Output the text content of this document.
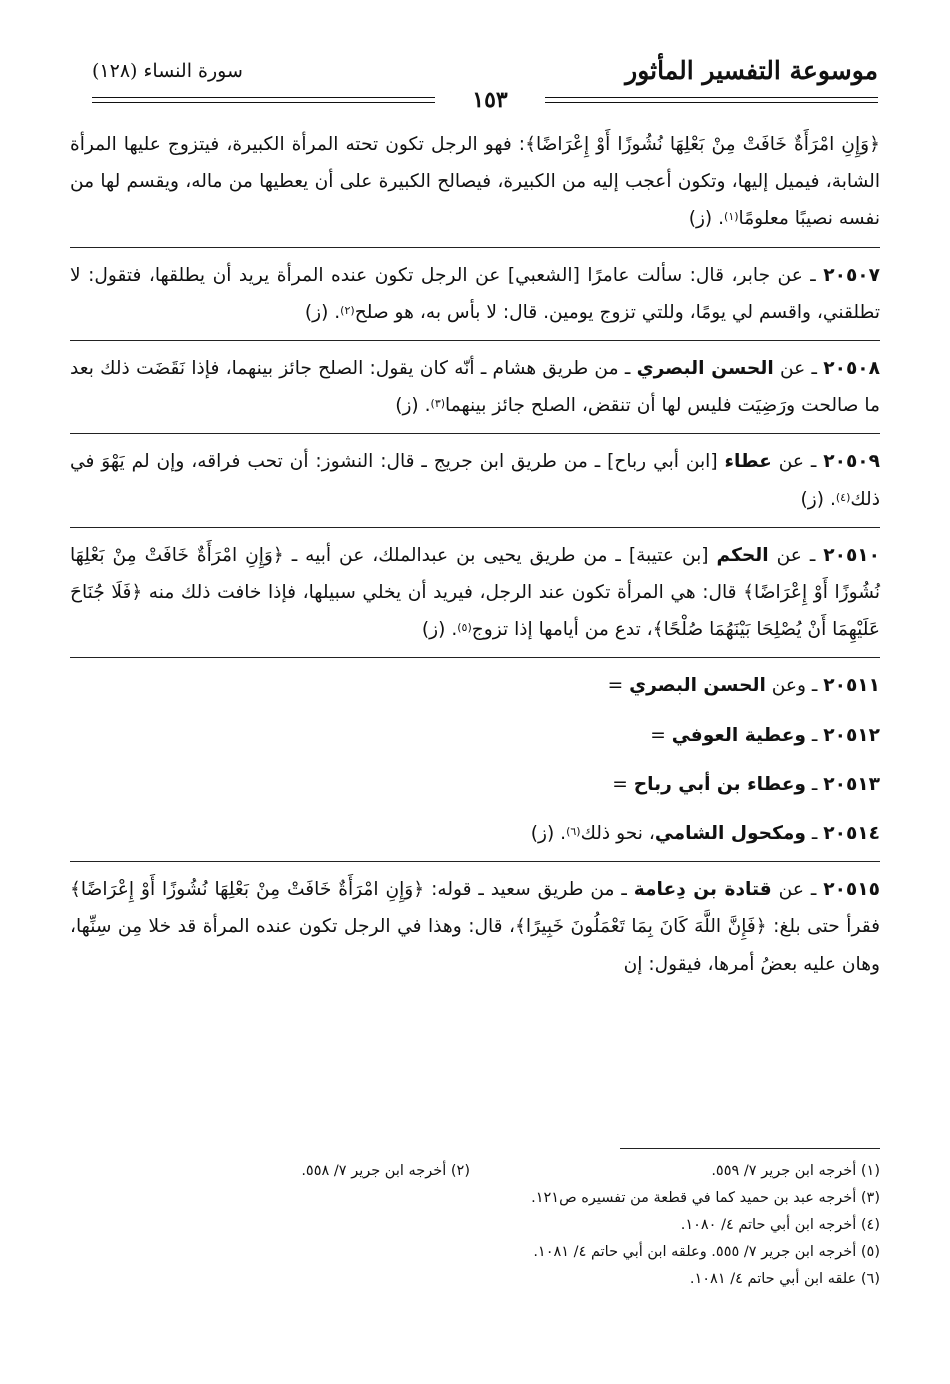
موسوعة التفسير المأثور
سورة النساء (١٢٨)
١٥٣

﴿وَإِنِ امْرَأَةٌ خَافَتْ مِنْ بَعْلِهَا نُشُوزًا أَوْ إِعْرَاضًا﴾: فهو الرجل تكون تحته المرأة الكبيرة، فيتزوج عليها المرأة الشابة، فيميل إليها، وتكون أعجب إليه من الكبيرة، فيصالح الكبيرة على أن يعطيها من ماله، ويقسم لها من نفسه نصيبًا معلومًا$^{(١)}$. (ز)

٢٠٥٠٧ ـ عن جابر، قال: سألت عامرًا [الشعبي] عن الرجل تكون عنده المرأة يريد أن يطلقها، فتقول: لا تطلقني، واقسم لي يومًا، وللتي تزوج يومين. قال: لا بأس به، هو صلح$^{(٢)}$. (ز)

٢٠٥٠٨ ـ عن الحسن البصري ـ من طريق هشام ـ أنّه كان يقول: الصلح جائز بينهما، فإذا نَقَضَت ذلك بعد ما صالحت ورَضِيَت فليس لها أن تنقض، الصلح جائز بينهما$^{(٣)}$. (ز)

٢٠٥٠٩ ـ عن عطاء [ابن أبي رباح] ـ من طريق ابن جريج ـ قال: النشوز: أن تحب فراقه، وإن لم يَهْوَ في ذلك$^{(٤)}$. (ز)

٢٠٥١٠ ـ عن الحكم [بن عتيبة] ـ من طريق يحيى بن عبدالملك، عن أبيه ـ ﴿وَإِنِ امْرَأَةٌ خَافَتْ مِنْ بَعْلِهَا نُشُوزًا أَوْ إِعْرَاضًا﴾ قال: هي المرأة تكون عند الرجل، فيريد أن يخلي سبيلها، فإذا خافت ذلك منه ﴿فَلَا جُنَاحَ عَلَيْهِمَا أَنْ يُصْلِحَا بَيْنَهُمَا صُلْحًا﴾، تدع من أيامها إذا تزوج$^{(٥)}$. (ز)

٢٠٥١١ ـ وعن الحسن البصري =

٢٠٥١٢ ـ وعطية العوفي =

٢٠٥١٣ ـ وعطاء بن أبي رباح =

٢٠٥١٤ ـ ومكحول الشامي، نحو ذلك$^{(٦)}$. (ز)

٢٠٥١٥ ـ عن قتادة بن دِعامة ـ من طريق سعيد ـ قوله: ﴿وَإِنِ امْرَأَةٌ خَافَتْ مِنْ بَعْلِهَا نُشُوزًا أَوْ إِعْرَاضًا﴾ فقرأ حتى بلغ: ﴿فَإِنَّ اللَّهَ كَانَ بِمَا تَعْمَلُونَ خَبِيرًا﴾، قال: وهذا في الرجل تكون عنده المرأة قد خلا مِن سِنِّها، وهان عليه بعضُ أمرها، فيقول: إن

(١) أخرجه ابن جرير ٧/ ٥٥٩.
(٢) أخرجه ابن جرير ٧/ ٥٥٨.
(٣) أخرجه عبد بن حميد كما في قطعة من تفسيره ص١٢١.
(٤) أخرجه ابن أبي حاتم ٤/ ١٠٨٠.
(٥) أخرجه ابن جرير ٧/ ٥٥٥. وعلقه ابن أبي حاتم ٤/ ١٠٨١.
(٦) علقه ابن أبي حاتم ٤/ ١٠٨١.
